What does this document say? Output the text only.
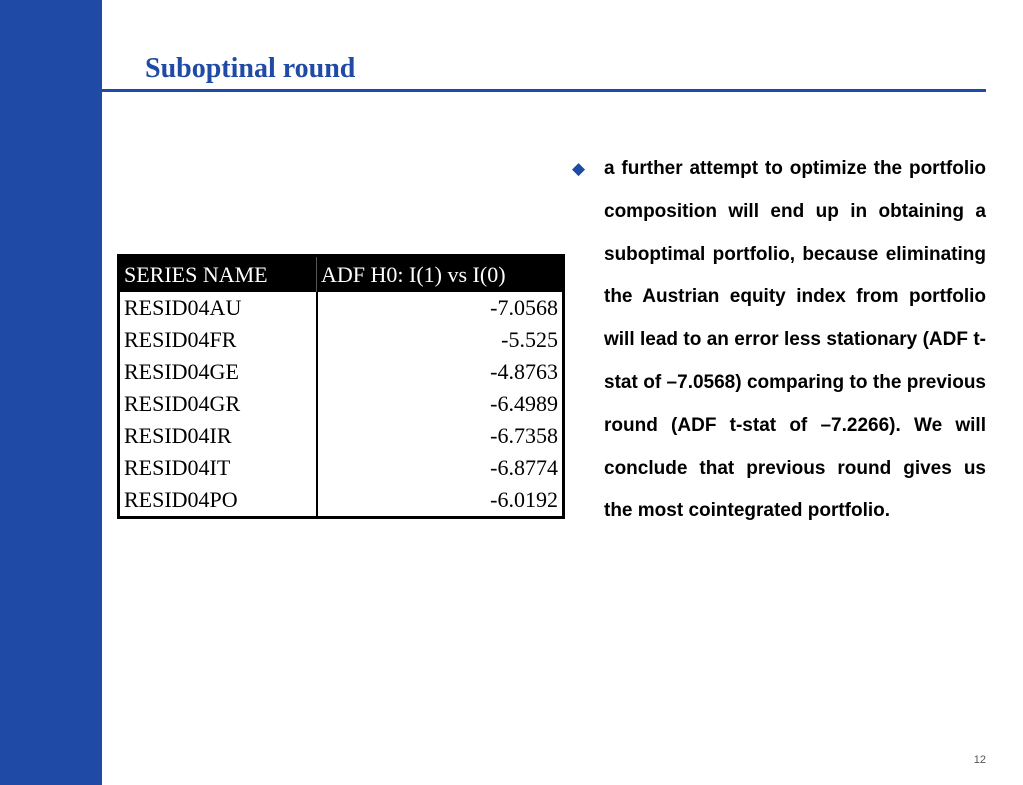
Suboptinal round
SERIES NAME	ADF H0: I(1) vs I(0)
RESID04AU	-7.0568
RESID04FR	-5.525
RESID04GE	-4.8763
RESID04GR	-6.4989
RESID04IR	-6.7358
RESID04IT	-6.8774
RESID04PO	-6.0192
◆ a further attempt to optimize the portfolio composition will end up in obtaining a suboptimal portfolio, because eliminating the Austrian equity index from portfolio will lead to an error less stationary (ADF t-stat of –7.0568) comparing to the previous round (ADF t-stat of –7.2266). We will conclude that previous round gives us the most cointegrated portfolio.
12
